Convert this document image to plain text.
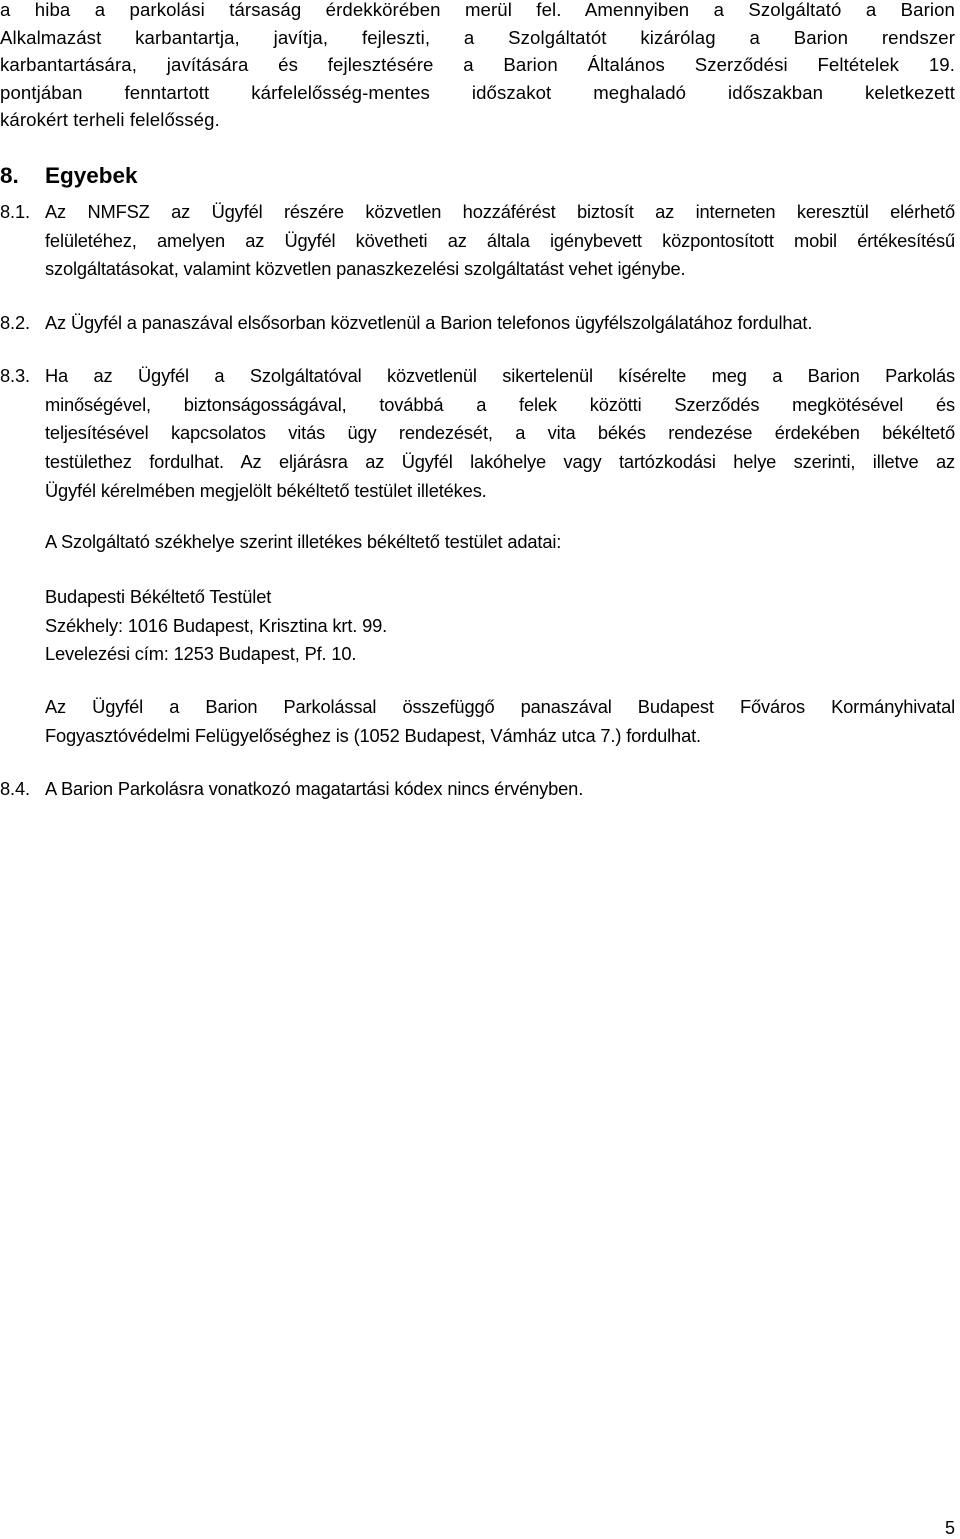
a hiba a parkolási társaság érdekkörében merül fel. Amennyiben a Szolgáltató a Barion
Alkalmazást karbantartja, javítja, fejleszti, a Szolgáltatót kizárólag a Barion rendszer
karbantartására, javítására és fejlesztésére a Barion Általános Szerződési Feltételek 19.
pontjában fenntartott kárfelelősség-mentes időszakot meghaladó időszakban keletkezett
károkért terheli felelősség.
8. Egyebek
8.1. Az NMFSZ az Ügyfél részére közvetlen hozzáférést biztosít az interneten keresztül elérhető
felületéhez, amelyen az Ügyfél követheti az általa igénybevett központosított mobil értékesítésű
szolgáltatásokat, valamint közvetlen panaszkezelési szolgáltatást vehet igénybe.
8.2. Az Ügyfél a panaszával elsősorban közvetlenül a Barion telefonos ügyfélszolgálatához fordulhat.
8.3. Ha az Ügyfél a Szolgáltatóval közvetlenül sikertelenül kísérelte meg a Barion Parkolás
minőségével, biztonságosságával, továbbá a felek közötti Szerződés megkötésével és
teljesítésével kapcsolatos vitás ügy rendezését, a vita békés rendezése érdekében békéltető
testülethez fordulhat. Az eljárásra az Ügyfél lakóhelye vagy tartózkodási helye szerinti, illetve az
Ügyfél kérelmében megjelölt békéltető testület illetékes.
A Szolgáltató székhelye szerint illetékes békéltető testület adatai:
Budapesti Békéltető Testület
Székhely: 1016 Budapest, Krisztina krt. 99.
Levelezési cím: 1253 Budapest, Pf. 10.
Az Ügyfél a Barion Parkolással összefüggő panaszával Budapest Főváros Kormányhivatal
Fogyasztóvédelmi Felügyelőséghez is (1052 Budapest, Vámház utca 7.) fordulhat.
8.4. A Barion Parkolásra vonatkozó magatartási kódex nincs érvényben.
5
